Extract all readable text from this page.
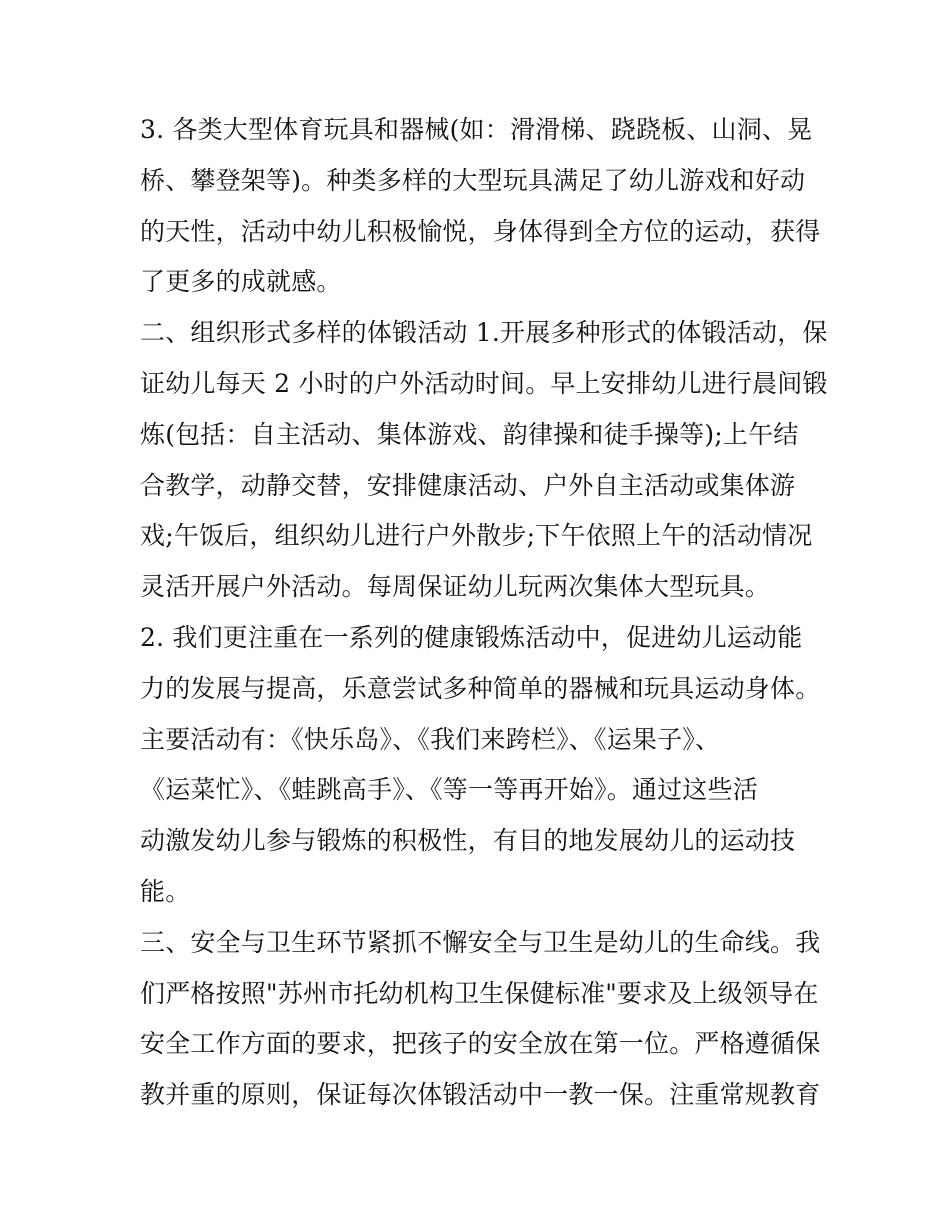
3. 各类大型体育玩具和器械(如：滑滑梯、跷跷板、山洞、晃
桥、攀登架等)。种类多样的大型玩具满足了幼儿游戏和好动
的天性，活动中幼儿积极愉悦，身体得到全方位的运动，获得
了更多的成就感。
二、组织形式多样的体锻活动 1.开展多种形式的体锻活动，保
证幼儿每天 2 小时的户外活动时间。早上安排幼儿进行晨间锻
炼(包括：自主活动、集体游戏、韵律操和徒手操等);上午结
合教学，动静交替，安排健康活动、户外自主活动或集体游
戏;午饭后，组织幼儿进行户外散步;下午依照上午的活动情况
灵活开展户外活动。每周保证幼儿玩两次集体大型玩具。
2. 我们更注重在一系列的健康锻炼活动中，促进幼儿运动能
力的发展与提高，乐意尝试多种简单的器械和玩具运动身体。
主要活动有：《快乐岛》、《我们来跨栏》、《运果子》、
《运菜忙》、《蛙跳高手》、《等一等再开始》。通过这些活
动激发幼儿参与锻炼的积极性，有目的地发展幼儿的运动技
能。
三、安全与卫生环节紧抓不懈安全与卫生是幼儿的生命线。我
们严格按照"苏州市托幼机构卫生保健标准"要求及上级领导在
安全工作方面的要求，把孩子的安全放在第一位。严格遵循保
教并重的原则，保证每次体锻活动中一教一保。注重常规教育
